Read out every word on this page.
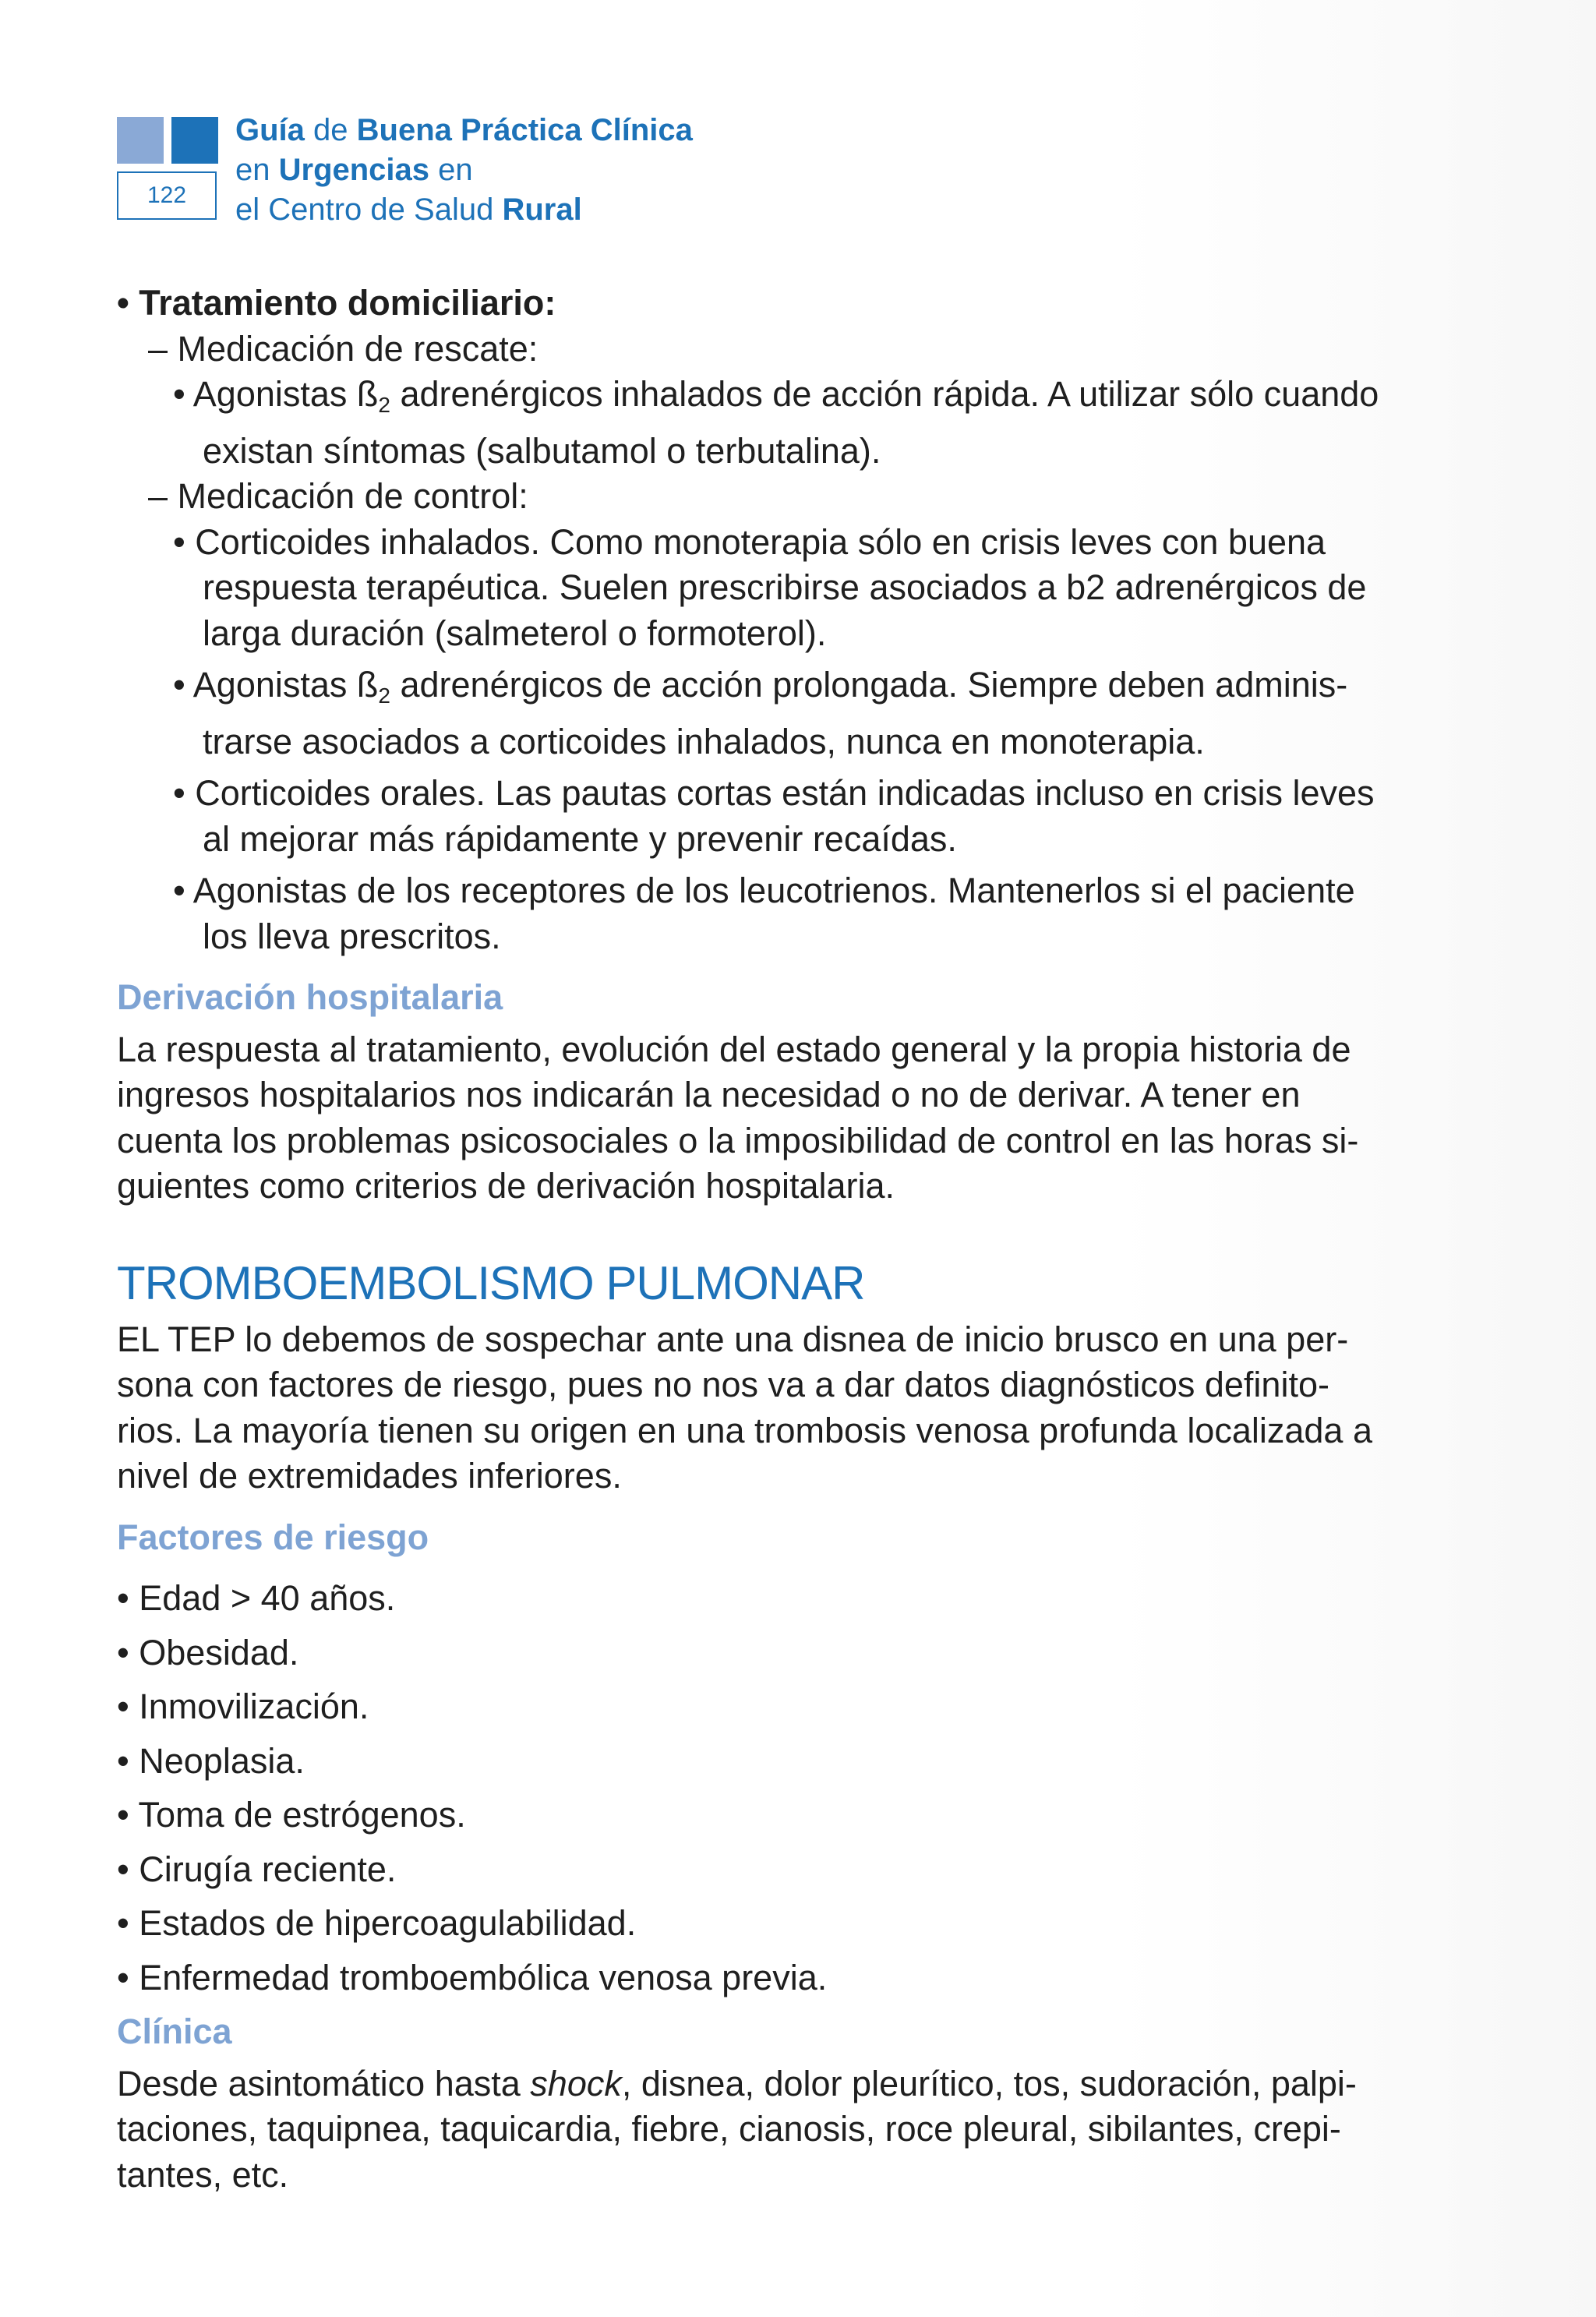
122
Guía de Buena Práctica Clínica
en Urgencias en
el Centro de Salud Rural

• Tratamiento domiciliario:

– Medicación de rescate:

• Agonistas ß2 adrenérgicos inhalados de acción rápida. A utilizar sólo cuando

existan síntomas (salbutamol o terbutalina).

– Medicación de control:

• Corticoides inhalados. Como monoterapia sólo en crisis leves con buena

respuesta terapéutica. Suelen prescribirse asociados a b2 adrenérgicos de

larga duración (salmeterol o formoterol).

• Agonistas ß2 adrenérgicos de acción prolongada. Siempre deben adminis-

trarse asociados a corticoides inhalados, nunca en monoterapia.

• Corticoides orales. Las pautas cortas están indicadas incluso en crisis leves

al mejorar más rápidamente y prevenir recaídas.

• Agonistas de los receptores de los leucotrienos. Mantenerlos si el paciente

los lleva prescritos.

Derivación hospitalaria

La respuesta al tratamiento, evolución del estado general y la propia historia de

ingresos hospitalarios nos indicarán la necesidad o no de derivar. A tener en

cuenta los problemas psicosociales o la imposibilidad de control en las horas si-

guientes como criterios de derivación hospitalaria.

TROMBOEMBOLISMO PULMONAR

EL TEP lo debemos de sospechar ante una disnea de inicio brusco en una per-

sona con factores de riesgo, pues no nos va a dar datos diagnósticos definito-

rios. La mayoría tienen su origen en una trombosis venosa profunda localizada a

nivel de extremidades inferiores.

Factores de riesgo

• Edad > 40 años.
• Obesidad.
• Inmovilización.
• Neoplasia.
• Toma de estrógenos.
• Cirugía reciente.
• Estados de hipercoagulabilidad.
• Enfermedad tromboembólica venosa previa.

Clínica

Desde asintomático hasta shock, disnea, dolor pleurítico, tos, sudoración, palpi-

taciones, taquipnea, taquicardia, fiebre, cianosis, roce pleural, sibilantes, crepi-

tantes, etc.
